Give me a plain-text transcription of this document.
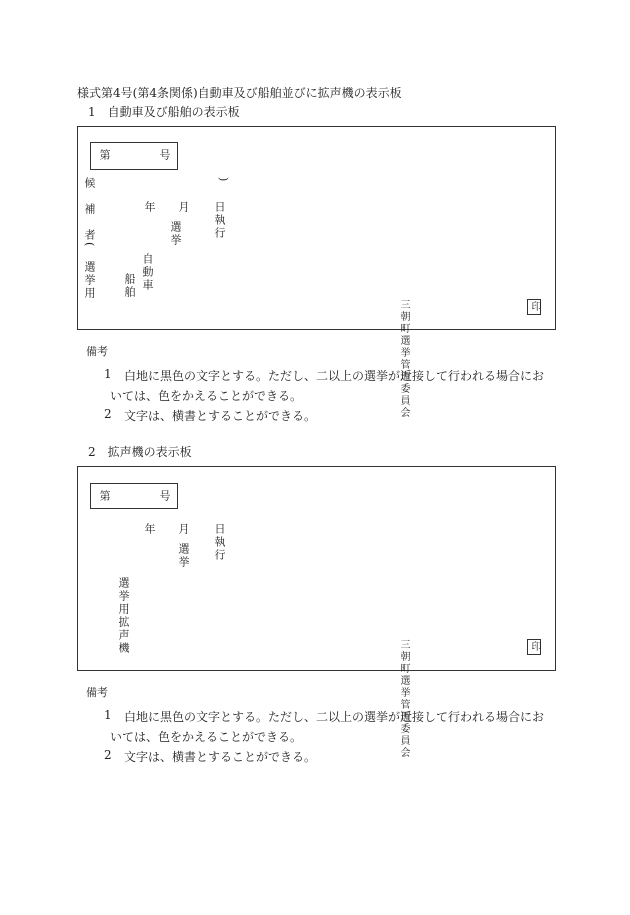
様式第4号(第4条関係)自動車及び船舶並びに拡声機の表示板
1　自動車及び船舶の表示板
第	号
候　補　者(	)
年 月 日執行
選挙
選挙用	自動車
船舶
三朝町選挙管理委員会	印
備考
1 白地に黒色の文字とする。ただし、二以上の選挙が近接して行われる場合にお
いては、色をかえることができる。
2 文字は、横書とすることができる。
2　拡声機の表示板
第	号
年 月 日執行
選挙
選挙用拡声機
三朝町選挙管理委員会	印
備考
1 白地に黒色の文字とする。ただし、二以上の選挙が近接して行われる場合にお
いては、色をかえることができる。
2 文字は、横書とすることができる。
